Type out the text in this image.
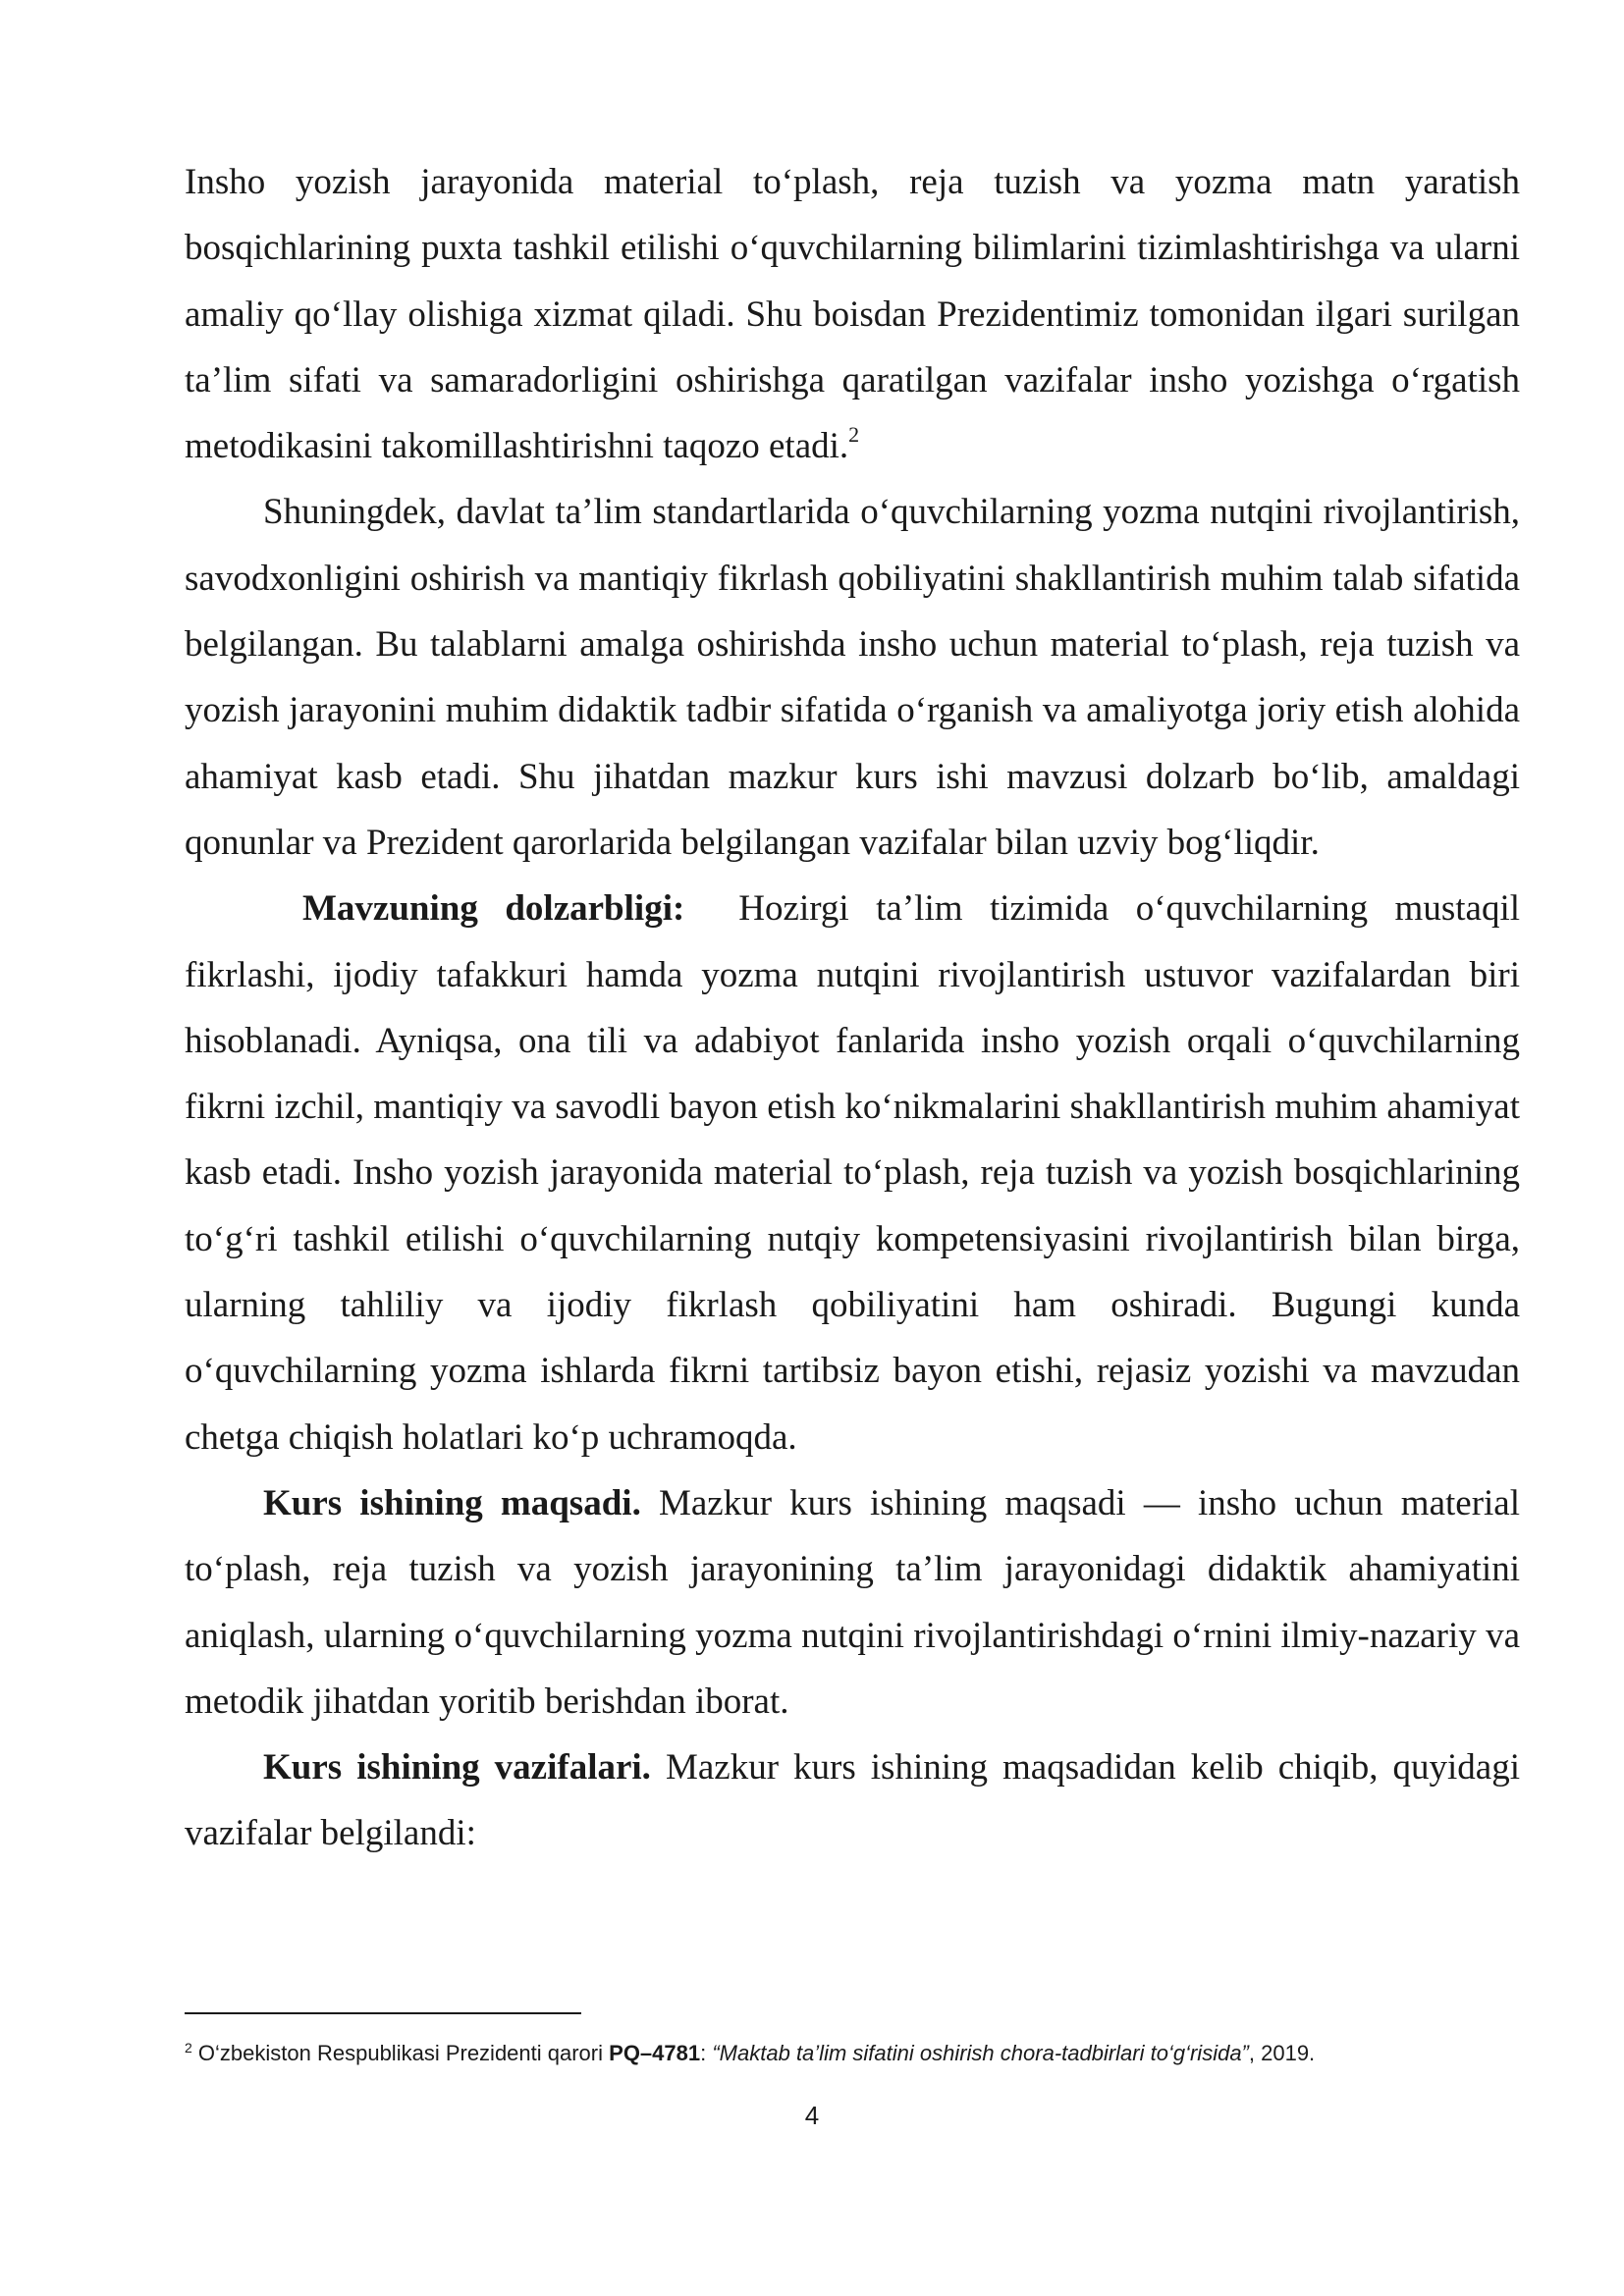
Insho yozish jarayonida material to‘plash, reja tuzish va yozma matn yaratish bosqichlarining puxta tashkil etilishi o‘quvchilarning bilimlarini tizimlashtirishga va ularni amaliy qo‘llay olishiga xizmat qiladi. Shu boisdan Prezidentimiz tomonidan ilgari surilgan ta’lim sifati va samaradorligini oshirishga qaratilgan vazifalar insho yozishga o‘rgatish metodikasini takomillashtirishni taqozo etadi.$^2$

Shuningdek, davlat ta’lim standartlarida o‘quvchilarning yozma nutqini rivojlantirish, savodxonligini oshirish va mantiqiy fikrlash qobiliyatini shakllantirish muhim talab sifatida belgilangan. Bu talablarni amalga oshirishda insho uchun material to‘plash, reja tuzish va yozish jarayonini muhim didaktik tadbir sifatida o‘rganish va amaliyotga joriy etish alohida ahamiyat kasb etadi. Shu jihatdan mazkur kurs ishi mavzusi dolzarb bo‘lib, amaldagi qonunlar va Prezident qarorlarida belgilangan vazifalar bilan uzviy bog‘liqdir.

Mavzuning dolzarbligi: Hozirgi ta’lim tizimida o‘quvchilarning mustaqil fikrlashi, ijodiy tafakkuri hamda yozma nutqini rivojlantirish ustuvor vazifalardan biri hisoblanadi. Ayniqsa, ona tili va adabiyot fanlarida insho yozish orqali o‘quvchilarning fikrni izchil, mantiqiy va savodli bayon etish ko‘nikmalarini shakllantirish muhim ahamiyat kasb etadi. Insho yozish jarayonida material to‘plash, reja tuzish va yozish bosqichlarining to‘g‘ri tashkil etilishi o‘quvchilarning nutqiy kompetensiyasini rivojlantirish bilan birga, ularning tahliliy va ijodiy fikrlash qobiliyatini ham oshiradi. Bugungi kunda o‘quvchilarning yozma ishlarda fikrni tartibsiz bayon etishi, rejasiz yozishi va mavzudan chetga chiqish holatlari ko‘p uchramoqda.

Kurs ishining maqsadi. Mazkur kurs ishining maqsadi — insho uchun material to‘plash, reja tuzish va yozish jarayonining ta’lim jarayonidagi didaktik ahamiyatini aniqlash, ularning o‘quvchilarning yozma nutqini rivojlantirishdagi o‘rnini ilmiy-nazariy va metodik jihatdan yoritib berishdan iborat.

Kurs ishining vazifalari. Mazkur kurs ishining maqsadidan kelib chiqib, quyidagi vazifalar belgilandi:

$^2$ O‘zbekiston Respublikasi Prezidenti qarori PQ–4781: “Maktab ta’lim sifatini oshirish chora-tadbirlari to‘g‘risida”, 2019.
4
